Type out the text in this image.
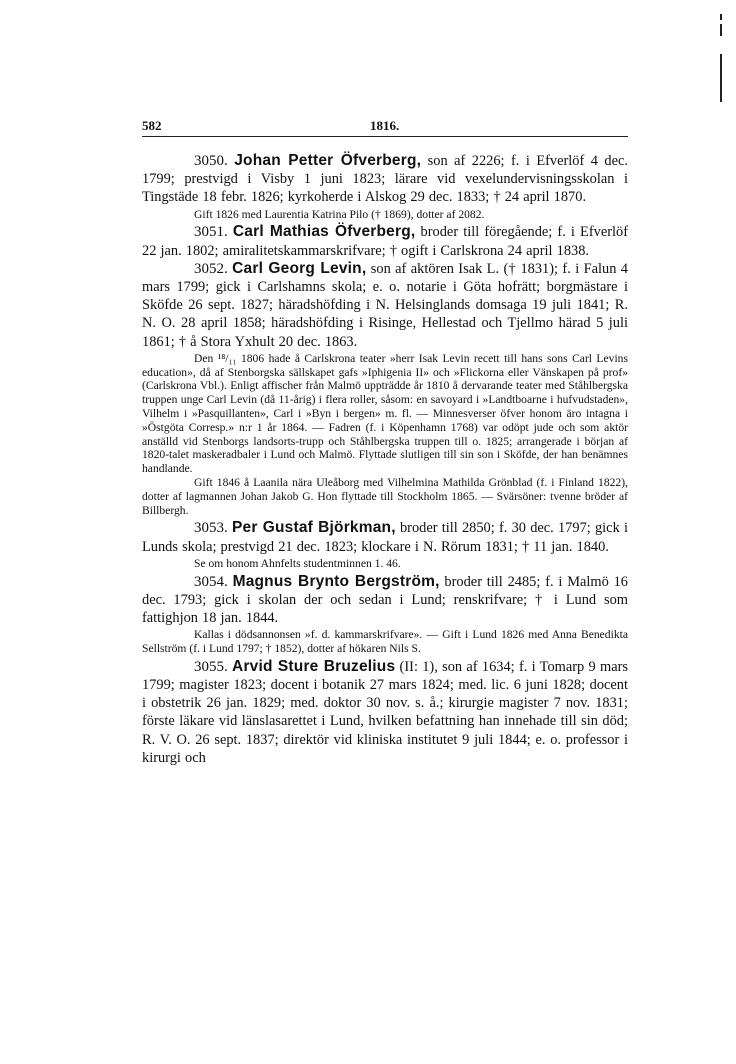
582	1816.

3050. Johan Petter Öfverberg, son af 2226; f. i Efverlöf 4 dec. 1799; prestvigd i Visby 1 juni 1823; lärare vid vexelundervisningsskolan i Tingstäde 18 febr. 1826; kyrkoherde i Alskog 29 dec. 1833; † 24 april 1870.

Gift 1826 med Laurentia Katrina Pilo († 1869), dotter af 2082.

3051. Carl Mathias Öfverberg, broder till föregående; f. i Efverlöf 22 jan. 1802; amiralitetskammarskrifvare; † ogift i Carlskrona 24 april 1838.

3052. Carl Georg Levin, son af aktören Isak L. († 1831); f. i Falun 4 mars 1799; gick i Carlshamns skola; e. o. notarie i Göta hofrätt; borgmästare i Sköfde 26 sept. 1827; häradshöfding i N. Helsinglands domsaga 19 juli 1841; R. N. O. 28 april 1858; häradshöfding i Risinge, Hellestad och Tjellmo härad 5 juli 1861; † å Stora Yxhult 20 dec. 1863.

Den ¹⁸/₁₁ 1806 hade å Carlskrona teater »herr Isak Levin recett till hans sons Carl Levins education», då af Stenborgska sällskapet gafs »Iphigenia II» och »Flickorna eller Vänskapen på prof» (Carlskrona Vbl.). Enligt affischer från Malmö uppträdde år 1810 å dervarande teater med Ståhlbergska truppen unge Carl Levin (då 11-årig) i flera roller, såsom: en savoyard i »Landtboarne i hufvudstaden», Vilhelm i »Pasquillanten», Carl i »Byn i bergen» m. fl. — Minnesverser öfver honom äro intagna i »Östgöta Corresp.» n:r 1 år 1864. — Fadren (f. i Köpenhamn 1768) var odöpt jude och som aktör anställd vid Stenborgs landsorts-trupp och Ståhlbergska truppen till o. 1825; arrangerade i början af 1820-talet maskeradbaler i Lund och Malmö. Flyttade slutligen till sin son i Sköfde, der han benämnes handlande.

Gift 1846 å Laanila nära Uleåborg med Vilhelmina Mathilda Grönblad (f. i Finland 1822), dotter af lagmannen Johan Jakob G. Hon flyttade till Stockholm 1865. — Svärsöner: tvenne bröder af Billbergh.

3053. Per Gustaf Björkman, broder till 2850; f. 30 dec. 1797; gick i Lunds skola; prestvigd 21 dec. 1823; klockare i N. Rörum 1831; † 11 jan. 1840.

Se om honom Ahnfelts studentminnen 1. 46.

3054. Magnus Brynto Bergström, broder till 2485; f. i Malmö 16 dec. 1793; gick i skolan der och sedan i Lund; renskrifvare; † i Lund som fattighjon 18 jan. 1844.

Kallas i dödsannonsen »f. d. kammarskrifvare». — Gift i Lund 1826 med Anna Benedikta Sellström (f. i Lund 1797; † 1852), dotter af hökaren Nils S.

3055. Arvid Sture Bruzelius (II: 1), son af 1634; f. i Tomarp 9 mars 1799; magister 1823; docent i botanik 27 mars 1824; med. lic. 6 juni 1828; docent i obstetrik 26 jan. 1829; med. doktor 30 nov. s. å.; kirurgie magister 7 nov. 1831; förste läkare vid länslasarettet i Lund, hvilken befattning han innehade till sin död; R. V. O. 26 sept. 1837; direktör vid kliniska institutet 9 juli 1844; e. o. professor i kirurgi och
